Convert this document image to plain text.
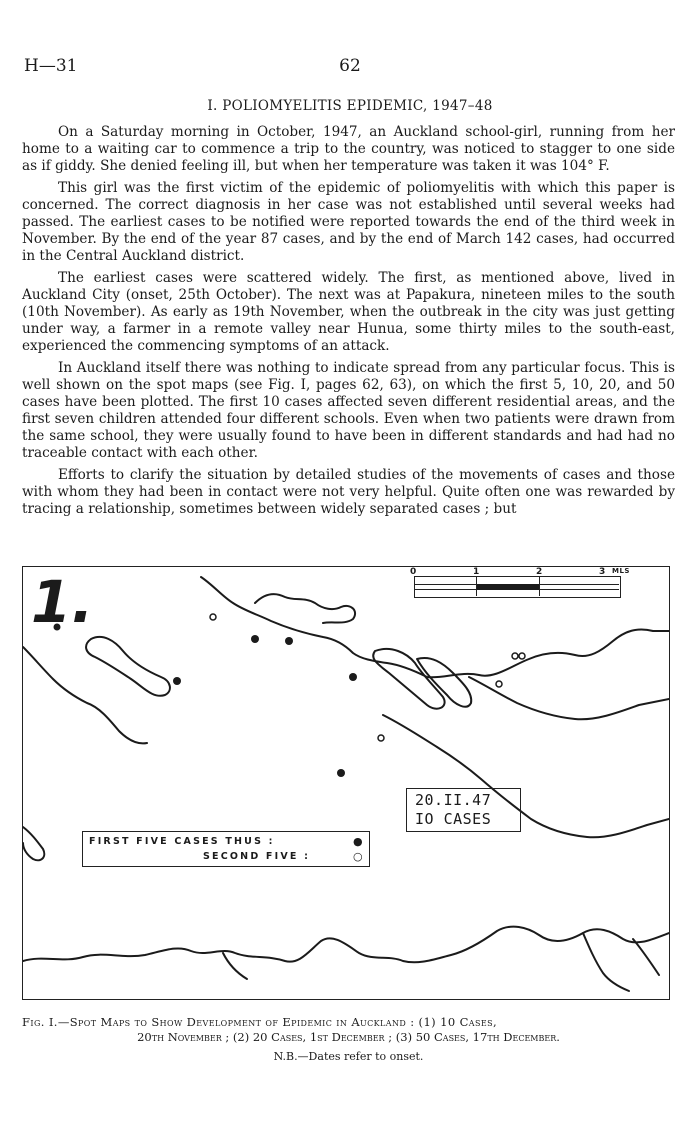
H—31	62
I. POLIOMYELITIS EPIDEMIC, 1947–48

On a Saturday morning in October, 1947, an Auckland school-girl, running from her home to a waiting car to commence a trip to the country, was noticed to stagger to one side as if giddy. She denied feeling ill, but when her temperature was taken it was 104° F.

This girl was the first victim of the epidemic of poliomyelitis with which this paper is concerned. The correct diagnosis in her case was not established until several weeks had passed. The earliest cases to be notified were reported towards the end of the third week in November. By the end of the year 87 cases, and by the end of March 142 cases, had occurred in the Central Auckland district.

The earliest cases were scattered widely. The first, as mentioned above, lived in Auckland City (onset, 25th October). The next was at Papakura, nineteen miles to the south (10th November). As early as 19th November, when the outbreak in the city was just getting under way, a farmer in a remote valley near Hunua, some thirty miles to the south-east, experienced the commencing symptoms of an attack.

In Auckland itself there was nothing to indicate spread from any particular focus. This is well shown on the spot maps (see Fig. I, pages 62, 63), on which the first 5, 10, 20, and 50 cases have been plotted. The first 10 cases affected seven different residential areas, and the first seven children attended four different schools. Even when two patients were drawn from the same school, they were usually found to have been in different standards and had had no traceable contact with each other.

Efforts to clarify the situation by detailed studies of the movements of cases and those with whom they had been in contact were not very helpful. Quite often one was rewarded by tracing a relationship, sometimes between widely separated cases ; but

1.	0	1	2	3 MLS
20.II.47
IO CASES
FIRST FIVE CASES THUS :	●
SECOND FIVE :	○
Fig. I.—Spot Maps to Show Development of Epidemic in Auckland : (1) 10 Cases,
20th November ; (2) 20 Cases, 1st December ; (3) 50 Cases, 17th December.
N.B.—Dates refer to onset.
